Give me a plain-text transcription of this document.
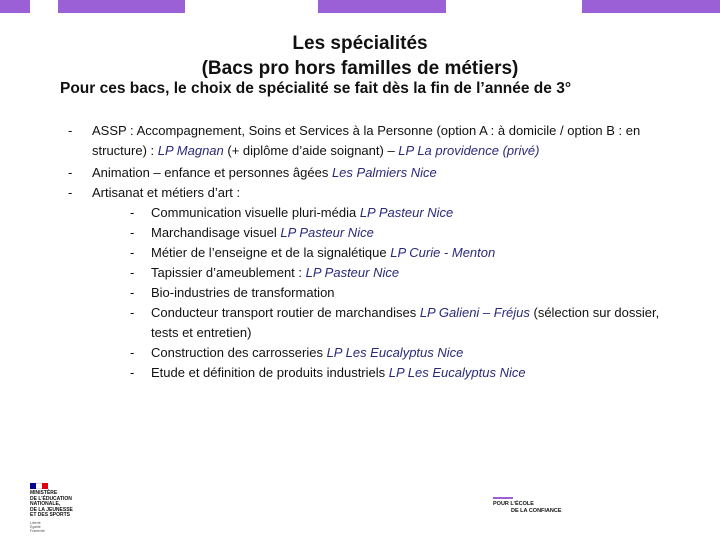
Les spécialités
(Bacs pro hors familles de métiers)
Pour ces bacs, le choix de spécialité se fait dès la fin de l’année de 3°
- ASSP : Accompagnement, Soins et Services à la Personne (option A : à domicile / option B : en structure) : LP Magnan (+ diplôme d’aide soignant) – LP La providence (privé)
- Animation – enfance et personnes âgées Les Palmiers Nice
- Artisanat et métiers d’art :
- Communication visuelle pluri-média LP Pasteur Nice
- Marchandisage visuel LP Pasteur Nice
- Métier de l’enseigne et de la signalétique LP Curie - Menton
- Tapissier d’ameublement : LP Pasteur Nice
- Bio-industries de transformation
- Conducteur transport routier de marchandises LP Galieni – Fréjus (sélection sur dossier, tests et entretien)
- Construction des carrosseries LP Les Eucalyptus Nice
- Etude et définition de produits industriels LP Les Eucalyptus Nice
MINISTÈRE
DE L’ÉDUCATION
NATIONALE,
DE LA JEUNESSE
ET DES SPORTS
Liberté
Égalité
Fraternité
POUR L’ÉCOLE
DE LA CONFIANCE
